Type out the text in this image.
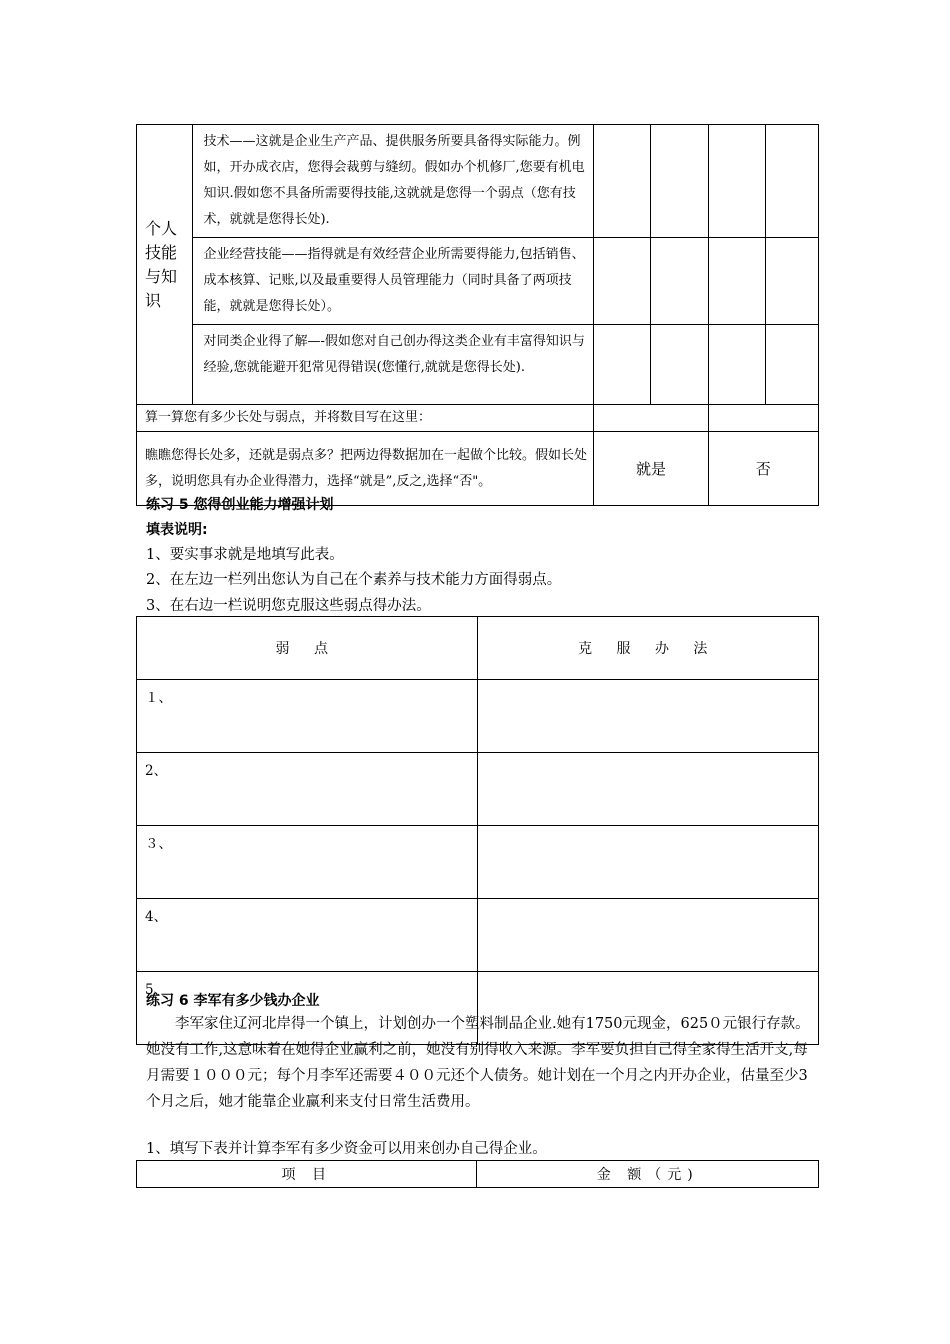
个人
技能
与知
识	技术——这就是企业生产产品、提供服务所要具备得实际能力。例如，开办成衣店，您得会裁剪与缝纫。假如办个机修厂,您要有机电知识.假如您不具备所需要得技能,这就就是您得一个弱点（您有技术，就就是您得长处).				
	企业经营技能——指得就是有效经营企业所需要得能力,包括销售、成本核算、记账,以及最重要得人员管理能力（同时具备了两项技能，就就是您得长处）。				
	对同类企业得了解—-假如您对自己创办得这类企业有丰富得知识与经验,您就能避开犯常见得错误(您懂行,就就是您得长处).				
算一算您有多少长处与弱点，并将数目写在这里：					
瞧瞧您得长处多，还就是弱点多？把两边得数据加在一起做个比较。假如长处多，说明您具有办企业得潜力，选择“就是”,反之,选择“否"。		就是		否	
练习 5 您得创业能力增强计划
填表说明:
1、要实事求就是地填写此表。
2、在左边一栏列出您认为自己在个素养与技术能力方面得弱点。
3、在右边一栏说明您克服这些弱点得办法。
弱 点	克 服 办 法
１、	
2、	
３、	
4、	
5、	
练习 6 李军有多少钱办企业
李军家住辽河北岸得一个镇上，计划创办一个塑料制品企业.她有1750元现金，625０元银行存款。她没有工作,这意味着在她得企业赢利之前，她没有别得收入来源。李军要负担自己得全家得生活开支,每月需要１０００元；每个月李军还需要４００元还个人债务。她计划在一个月之内开办企业，估量至少3个月之后，她才能靠企业赢利来支付日常生活费用。
1、填写下表并计算李军有多少资金可以用来创办自己得企业。
项 目	金 额（元)
